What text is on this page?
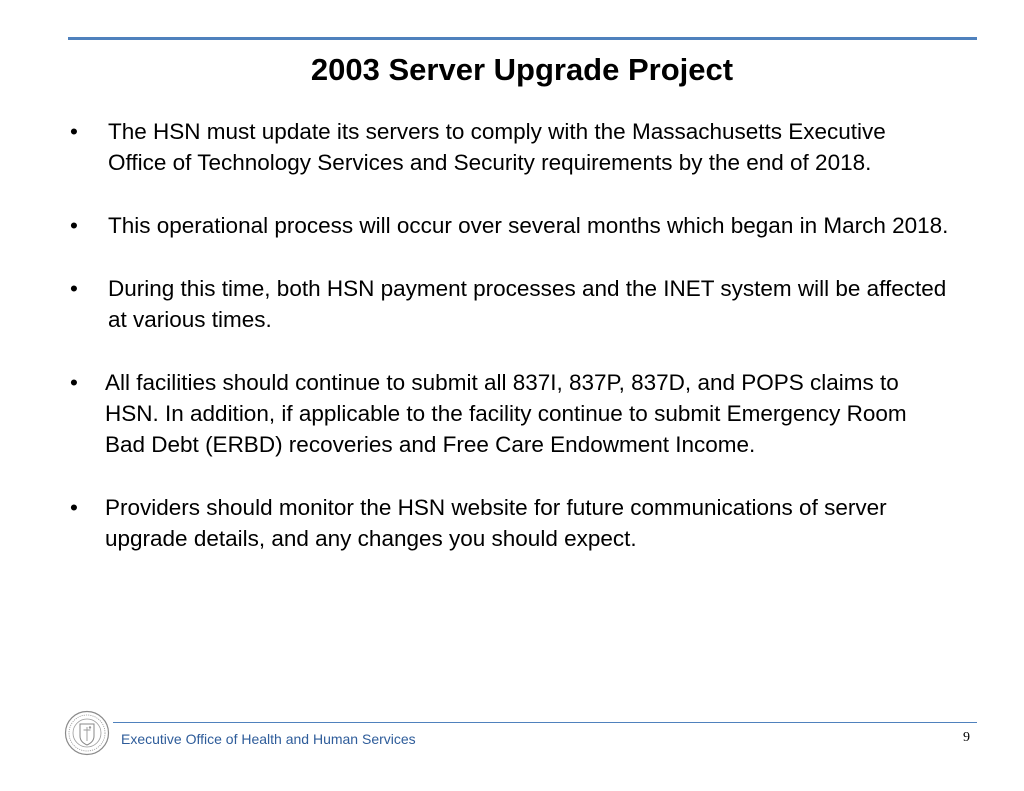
2003 Server Upgrade Project
•	The HSN must update its servers to comply with the Massachusetts Executive Office of Technology Services and Security requirements by the end of 2018.
•	This operational process will occur over several months which began in March 2018.
•	During this time, both HSN payment processes and the INET system will be affected at various times.
•	All facilities should continue to submit all 837I, 837P, 837D, and POPS claims to HSN. In addition, if applicable to the facility continue to submit Emergency Room Bad Debt (ERBD) recoveries and Free Care Endowment Income.
•	Providers should monitor the HSN website for future communications of server upgrade details, and any changes you should expect.
Executive Office of Health and Human Services	9
